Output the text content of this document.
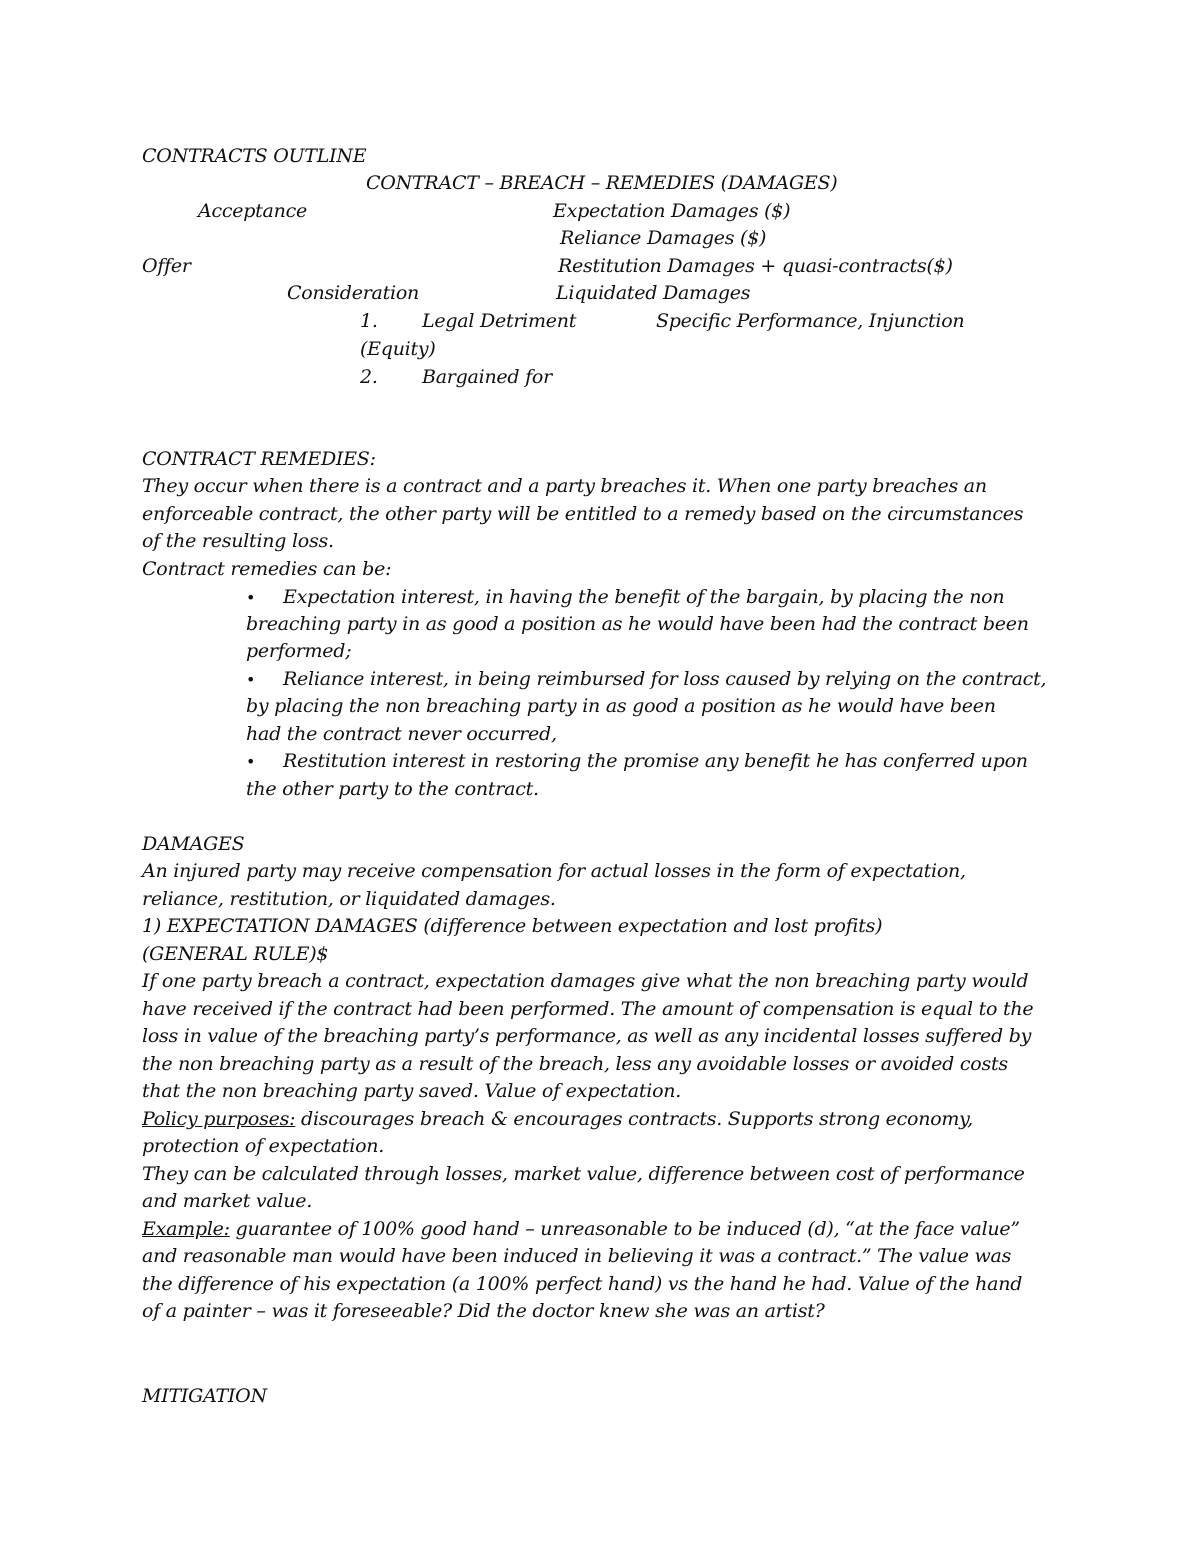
CONTRACTS OUTLINE
CONTRACT – BREACH – REMEDIES (DAMAGES)
Acceptance	Expectation Damages ($)
Reliance Damages ($)
Offer	Restitution Damages + quasi-contracts($)
Consideration	Liquidated Damages
1. Legal Detriment	Specific Performance, Injunction
(Equity)
2. Bargained for
CONTRACT REMEDIES:
They occur when there is a contract and a party breaches it. When one party breaches an
enforceable contract, the other party will be entitled to a remedy based on the circumstances
of the resulting loss.
Contract remedies can be:
• Expectation interest, in having the benefit of the bargain, by placing the non
breaching party in as good a position as he would have been had the contract been
performed;
• Reliance interest, in being reimbursed for loss caused by relying on the contract,
by placing the non breaching party in as good a position as he would have been
had the contract never occurred,
• Restitution interest in restoring the promise any benefit he has conferred upon
the other party to the contract.
DAMAGES
An injured party may receive compensation for actual losses in the form of expectation,
reliance, restitution, or liquidated damages.
1) EXPECTATION DAMAGES (difference between expectation and lost profits)
(GENERAL RULE)$
If one party breach a contract, expectation damages give what the non breaching party would
have received if the contract had been performed. The amount of compensation is equal to the
loss in value of the breaching party’s performance, as well as any incidental losses suffered by
the non breaching party as a result of the breach, less any avoidable losses or avoided costs
that the non breaching party saved. Value of expectation.
Policy purposes: discourages breach & encourages contracts. Supports strong economy,
protection of expectation.
They can be calculated through losses, market value, difference between cost of performance
and market value.
Example: guarantee of 100% good hand – unreasonable to be induced (d), “at the face value”
and reasonable man would have been induced in believing it was a contract.” The value was
the difference of his expectation (a 100% perfect hand) vs the hand he had. Value of the hand
of a painter – was it foreseeable? Did the doctor knew she was an artist?
MITIGATION
